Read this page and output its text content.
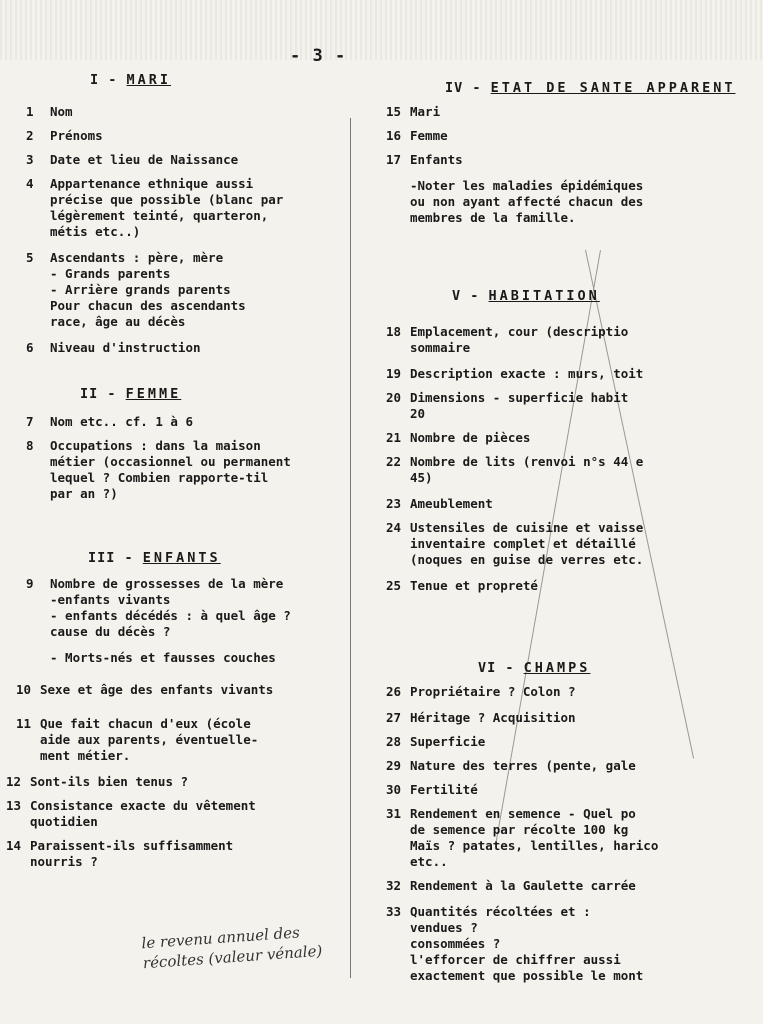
- 3 -
I - MARI
1 Nom
2 Prénoms
3 Date et lieu de Naissance
4 Appartenance ethnique aussi
précise que possible (blanc par
légèrement teinté, quarteron,
métis etc..)
5 Ascendants : père, mère
- Grands parents
- Arrière grands parents
Pour chacun des ascendants
race, âge au décès
6 Niveau d'instruction
II - FEMME
7 Nom etc.. cf. 1 à 6
8 Occupations : dans la maison
métier (occasionnel ou permanent
lequel ? Combien rapporte-til
par an ?)
III - ENFANTS
9 Nombre de grossesses de la mère
-enfants vivants
- enfants décédés : à quel âge ?
cause du décès ?
- Morts-nés et fausses couches
10 Sexe et âge des enfants vivants
11 Que fait chacun d'eux (école
aide aux parents, éventuelle-
ment métier.
12 Sont-ils bien tenus ?
13 Consistance exacte du vêtement
quotidien
14 Paraissent-ils suffisamment
nourris ?
le revenu annuel des
récoltes (valeur vénale)
IV - ETAT DE SANTE APPARENT
15 Mari
16 Femme
17 Enfants
-Noter les maladies épidémiques
ou non ayant affecté chacun des
membres de la famille.
V - HABITATION
18 Emplacement, cour (descriptio
sommaire
19 Description exacte : murs, toit
20 Dimensions - superficie habit
20
21 Nombre de pièces
22 Nombre de lits (renvoi n°s 44 e
45)
23 Ameublement
24 Ustensiles de cuisine et vaisse
inventaire complet et détaillé
(noques en guise de verres etc.
25 Tenue et propreté
VI - CHAMPS
26 Propriétaire ? Colon ?
27 Héritage ? Acquisition
28 Superficie
29 Nature des terres (pente, gale
30 Fertilité
31 Rendement en semence - Quel po
de semence par récolte 100 kg
Maïs ? patates, lentilles, harico
etc..
32 Rendement à la Gaulette carrée
33 Quantités récoltées et :
vendues ?
consommées ?
l'efforcer de chiffrer aussi
exactement que possible le mont
